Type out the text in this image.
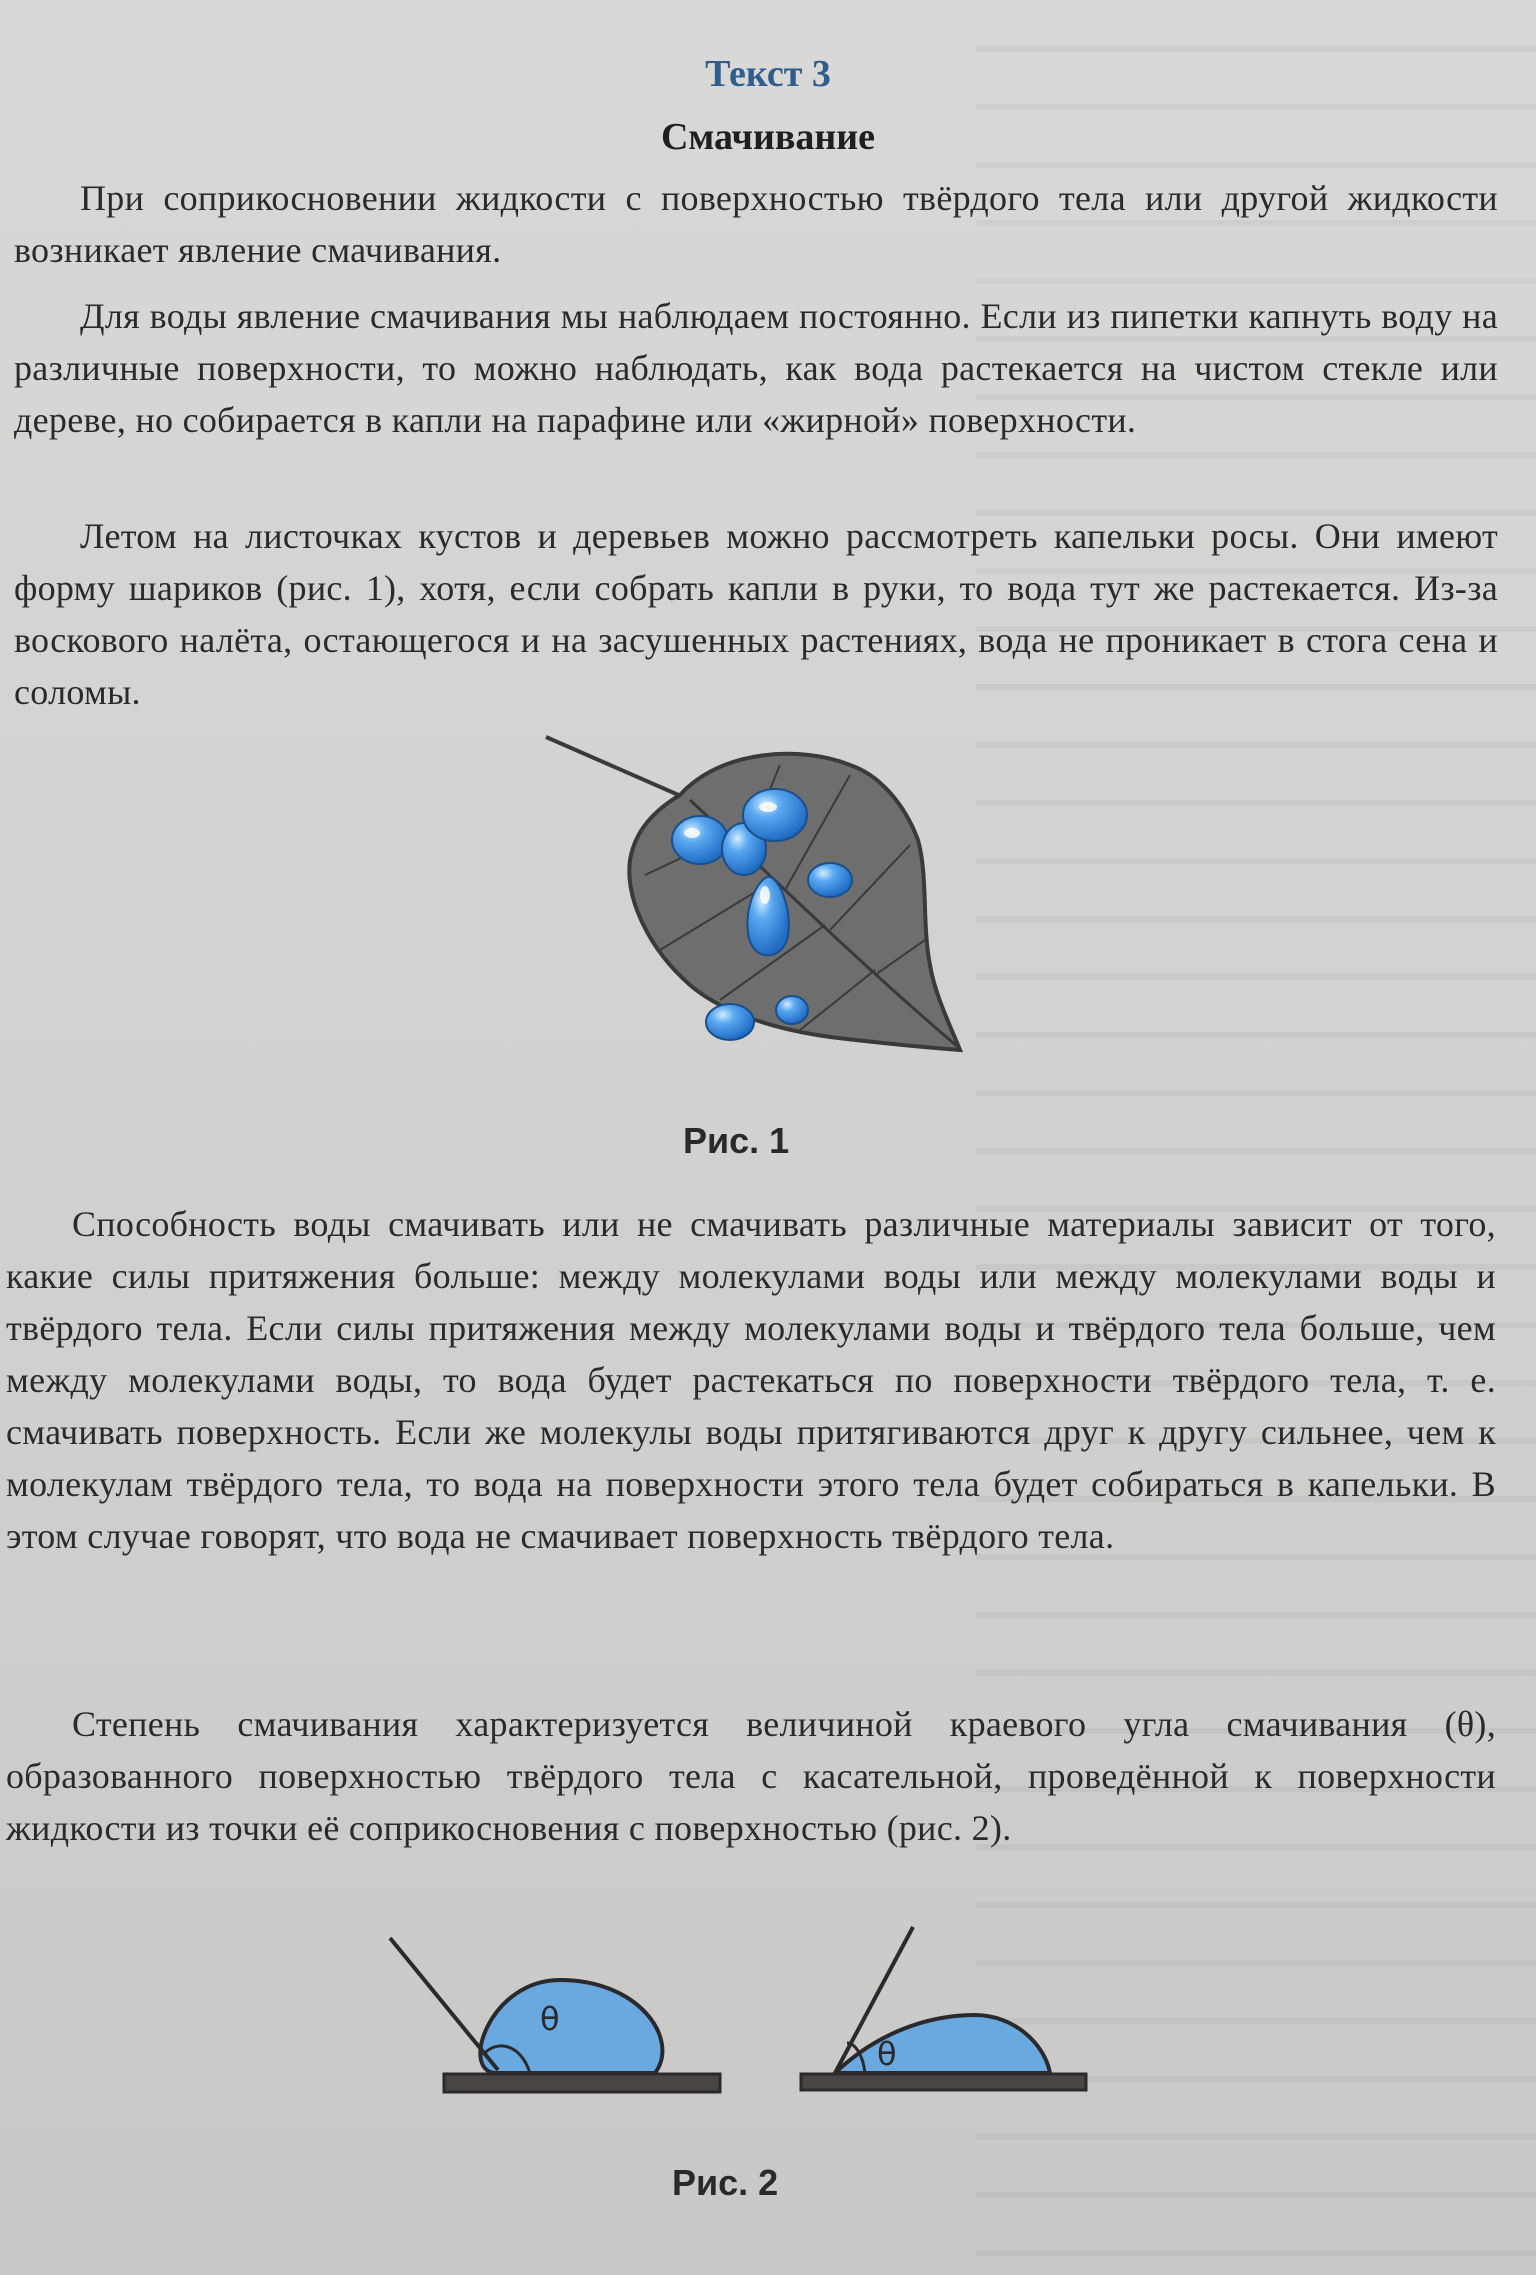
Текст 3
Смачивание

При соприкосновении жидкости с поверхностью твёрдого тела или другой жидкости возникает явление смачивания.

Для воды явление смачивания мы наблюдаем постоянно. Если из пипетки капнуть воду на различные поверхности, то можно наблюдать, как вода растекается на чистом стекле или дереве, но собирается в капли на парафине или «жирной» поверхности.

Летом на листочках кустов и деревьев можно рассмотреть капельки росы. Они имеют форму шариков (рис. 1), хотя, если собрать капли в руки, то вода тут же растекается. Из-за воскового налёта, остающегося и на засушенных растениях, вода не проникает в стога сена и соломы.

Рис. 1

Способность воды смачивать или не смачивать различные материалы зависит от того, какие силы притяжения больше: между молекулами воды или между молекулами воды и твёрдого тела. Если силы притяжения между молекулами воды и твёрдого тела больше, чем между молекулами воды, то вода будет растекаться по поверхности твёрдого тела, т. е. смачивать поверхность. Если же молекулы воды притягиваются друг к другу сильнее, чем к молекулам твёрдого тела, то вода на поверхности этого тела будет собираться в капельки. В этом случае говорят, что вода не смачивает поверхность твёрдого тела.

Степень смачивания характеризуется величиной краевого угла смачивания (θ), образованного поверхностью твёрдого тела с касательной, проведённой к поверхности жидкости из точки её соприкосновения с поверхностью (рис. 2).

θ
θ
Рис. 2
